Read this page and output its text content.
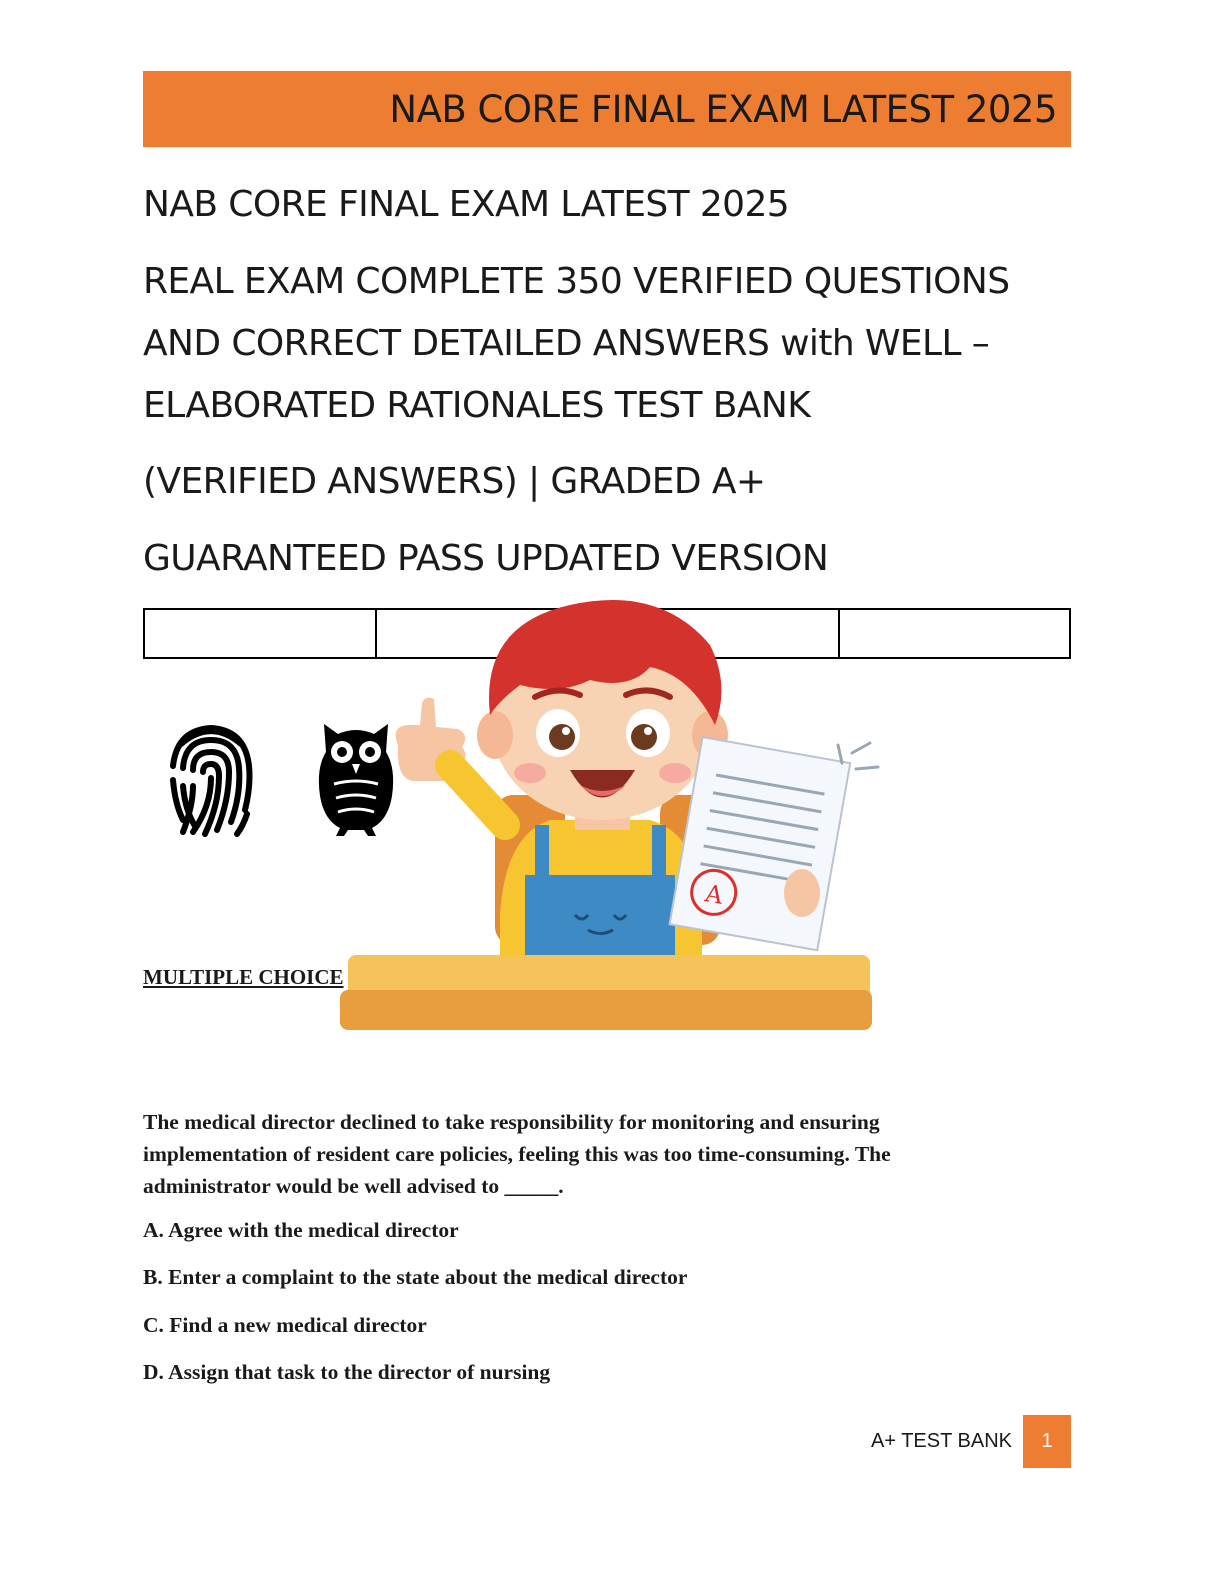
NAB CORE FINAL EXAM LATEST 2025
NAB CORE FINAL EXAM LATEST 2025
REAL EXAM COMPLETE 350 VERIFIED QUESTIONS
AND CORRECT DETAILED ANSWERS with WELL –
ELABORATED RATIONALES TEST BANK
(VERIFIED ANSWERS) | GRADED A+
GUARANTEED PASS UPDATED VERSION
A
MULTIPLE CHOICE
The medical director declined to take responsibility for monitoring and ensuring implementation of resident care policies, feeling this was too time-consuming. The administrator would be well advised to _____.
A. Agree with the medical director
B. Enter a complaint to the state about the medical director
C. Find a new medical director
D. Assign that task to the director of nursing
A+ TEST BANK	1
